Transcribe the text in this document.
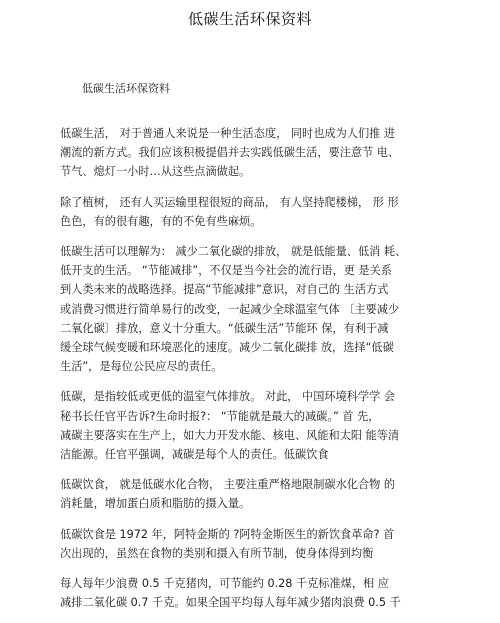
低碳生活环保资料
低碳生活环保资料
低碳生活， 对于普通人来说是一种生活态度， 同时也成为人们推 进
潮流的新方式。我们应该积极提倡并去实践低碳生活，要注意节 电、
节气、熄灯一小时…从这些点滴做起。
除了植树， 还有人买运输里程很短的商品， 有人坚持爬楼梯， 形 形
色色，有的很有趣，有的不免有些麻烦。
低碳生活可以理解为： 减少二氧化碳的排放， 就是低能量、低消 耗、
低开支的生活。 “节能减排”，不仅是当今社会的流行语，更 是关系
到人类未来的战略选择。提高“节能减排”意识，对自己的 生活方式
或消费习惯进行简单易行的改变，一起减少全球温室气体 〔主要减少
二氧化碳〕排放，意义十分重大。“低碳生活”节能环 保，有利于减
缓全球气候变暖和环境恶化的速度。减少二氧化碳排 放，选择“低碳
生活”，是每位公民应尽的责任。
低碳，是指较低或更低的温室气体排放。 对此， 中国环境科学学 会
秘书长任官平告诉?生命时报?： “节能就是最大的减碳。” 首 先，
减碳主要落实在生产上，如大力开发水能、核电、风能和太阳 能等清
洁能源。任官平强调，减碳是每个人的责任。低碳饮食
低碳饮食， 就是低碳水化合物， 主要注重严格地限制碳水化合物 的
消耗量，增加蛋白质和脂肪的摄入量。
低碳饮食是 1972 年，阿特金斯的 ?阿特金斯医生的新饮食革命? 首
次出现的，虽然在食物的类别和摄入有所节制，使身体得到均衡
每人每年少浪费 0.5 千克猪肉，可节能约 0.28 千克标准煤，相 应
减排二氧化碳 0.7 千克。如果全国平均每人每年减少猪肉浪费 0.5 千
